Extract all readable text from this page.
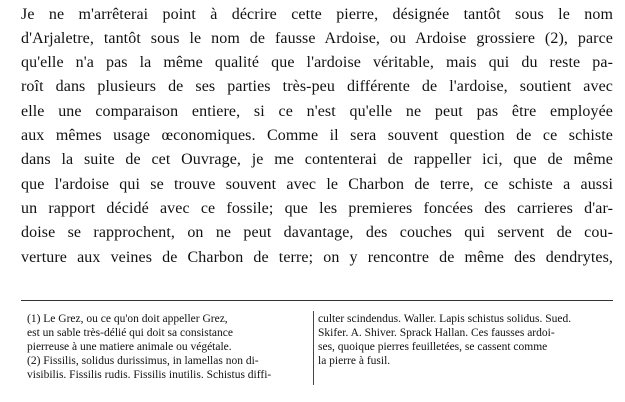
Je ne m'arrêterai point à décrire cette pierre, désignée tantôt sous le nom
d'Arjaletre, tantôt sous le nom de fausse Ardoise, ou Ardoise grossiere (2), parce
qu'elle n'a pas la même qualité que l'ardoise véritable, mais qui du reste pa-
roît dans plusieurs de ses parties très-peu différente de l'ardoise, soutient avec
elle une comparaison entiere, si ce n'est qu'elle ne peut pas être employée
aux mêmes usage œconomiques. Comme il sera souvent question de ce schiste
dans la suite de cet Ouvrage, je me contenterai de rappeller ici, que de même
que l'ardoise qui se trouve souvent avec le Charbon de terre, ce schiste a aussi
un rapport décidé avec ce fossile; que les premieres foncées des carrieres d'ar-
doise se rapprochent, on ne peut davantage, des couches qui servent de cou-
verture aux veines de Charbon de terre; on y rencontre de même des dendrytes,
(1) Le Grez, ou ce qu'on doit appeller Grez,
est un sable très-délié qui doit sa consistance
pierreuse à une matiere animale ou végétale.
(2) Fissilis, solidus durissimus, in lamellas non di-
visibilis. Fissilis rudis. Fissilis inutilis. Schistus diffi-
culter scindendus. Waller. Lapis schistus solidus. Sued.
Skifer. A. Shiver. Sprack Hallan. Ces fausses ardoi-
ses, quoique pierres feuilletées, se cassent comme
la pierre à fusil.
